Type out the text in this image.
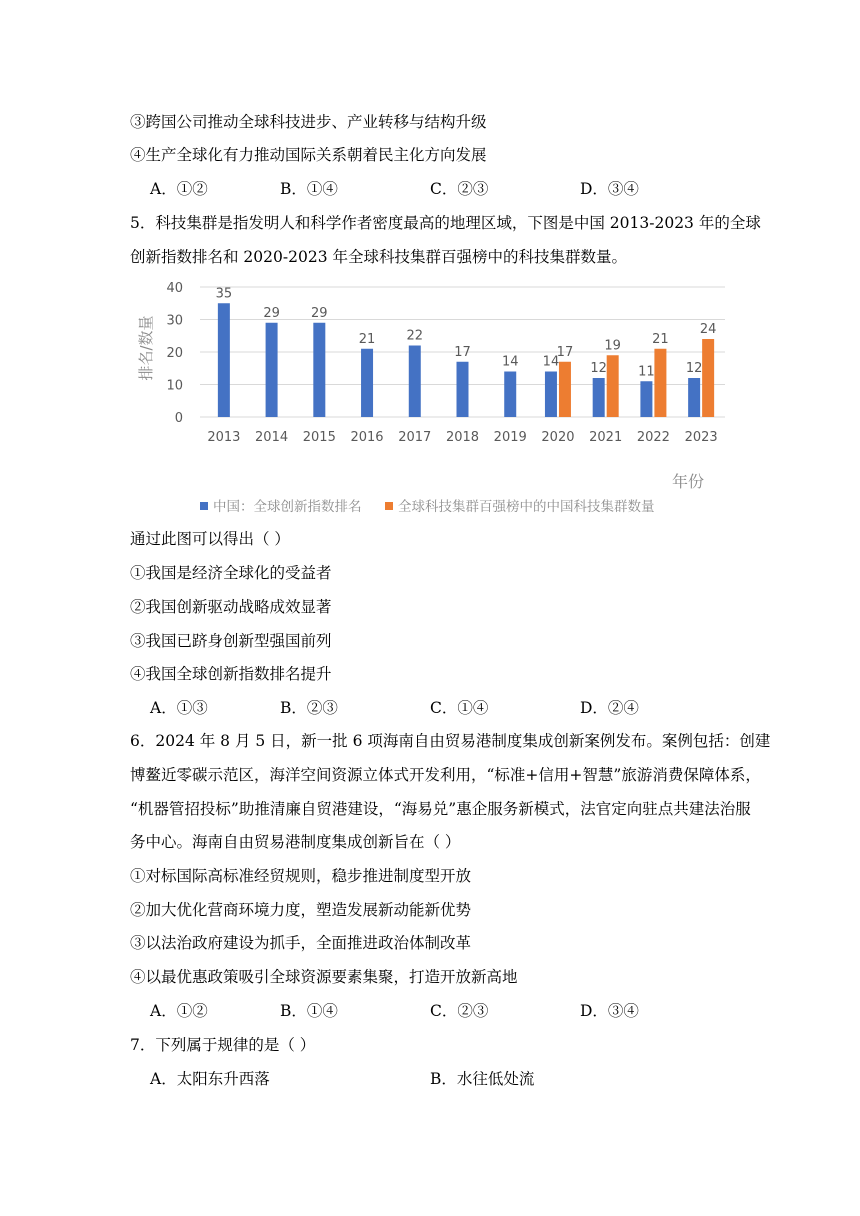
③跨国公司推动全球科技进步、产业转移与结构升级
④生产全球化有力推动国际关系朝着民主化方向发展
A．①②	B．①④	C．②③	D．③④
5．科技集群是指发明人和科学作者密度最高的地理区域，下图是中国 2013-2023 年的全球
创新指数排名和 2020-2023 年全球科技集群百强榜中的科技集群数量。
0
10
20
30
40
排名/数量
35
29 29
21 22
17
14 14
17
12
19
11
21
12
24
2013 2014 2015 2016 2017 2018 2019 2020 2021 2022 2023
年份
中国：全球创新指数排名	全球科技集群百强榜中的中国科技集群数量
通过此图可以得出（ ）
①我国是经济全球化的受益者
②我国创新驱动战略成效显著
③我国已跻身创新型强国前列
④我国全球创新指数排名提升
A．①③	B．②③	C．①④	D．②④
6．2024 年 8 月 5 日，新一批 6 项海南自由贸易港制度集成创新案例发布。案例包括：创建
博鳌近零碳示范区，海洋空间资源立体式开发利用，“标准+信用+智慧”旅游消费保障体系，
“机器管招投标”助推清廉自贸港建设，“海易兑”惠企服务新模式，法官定向驻点共建法治服
务中心。海南自由贸易港制度集成创新旨在（ ）
①对标国际高标准经贸规则，稳步推进制度型开放
②加大优化营商环境力度，塑造发展新动能新优势
③以法治政府建设为抓手，全面推进政治体制改革
④以最优惠政策吸引全球资源要素集聚，打造开放新高地
A．①②	B．①④	C．②③	D．③④
7．下列属于规律的是（ ）
A．太阳东升西落	B．水往低处流
